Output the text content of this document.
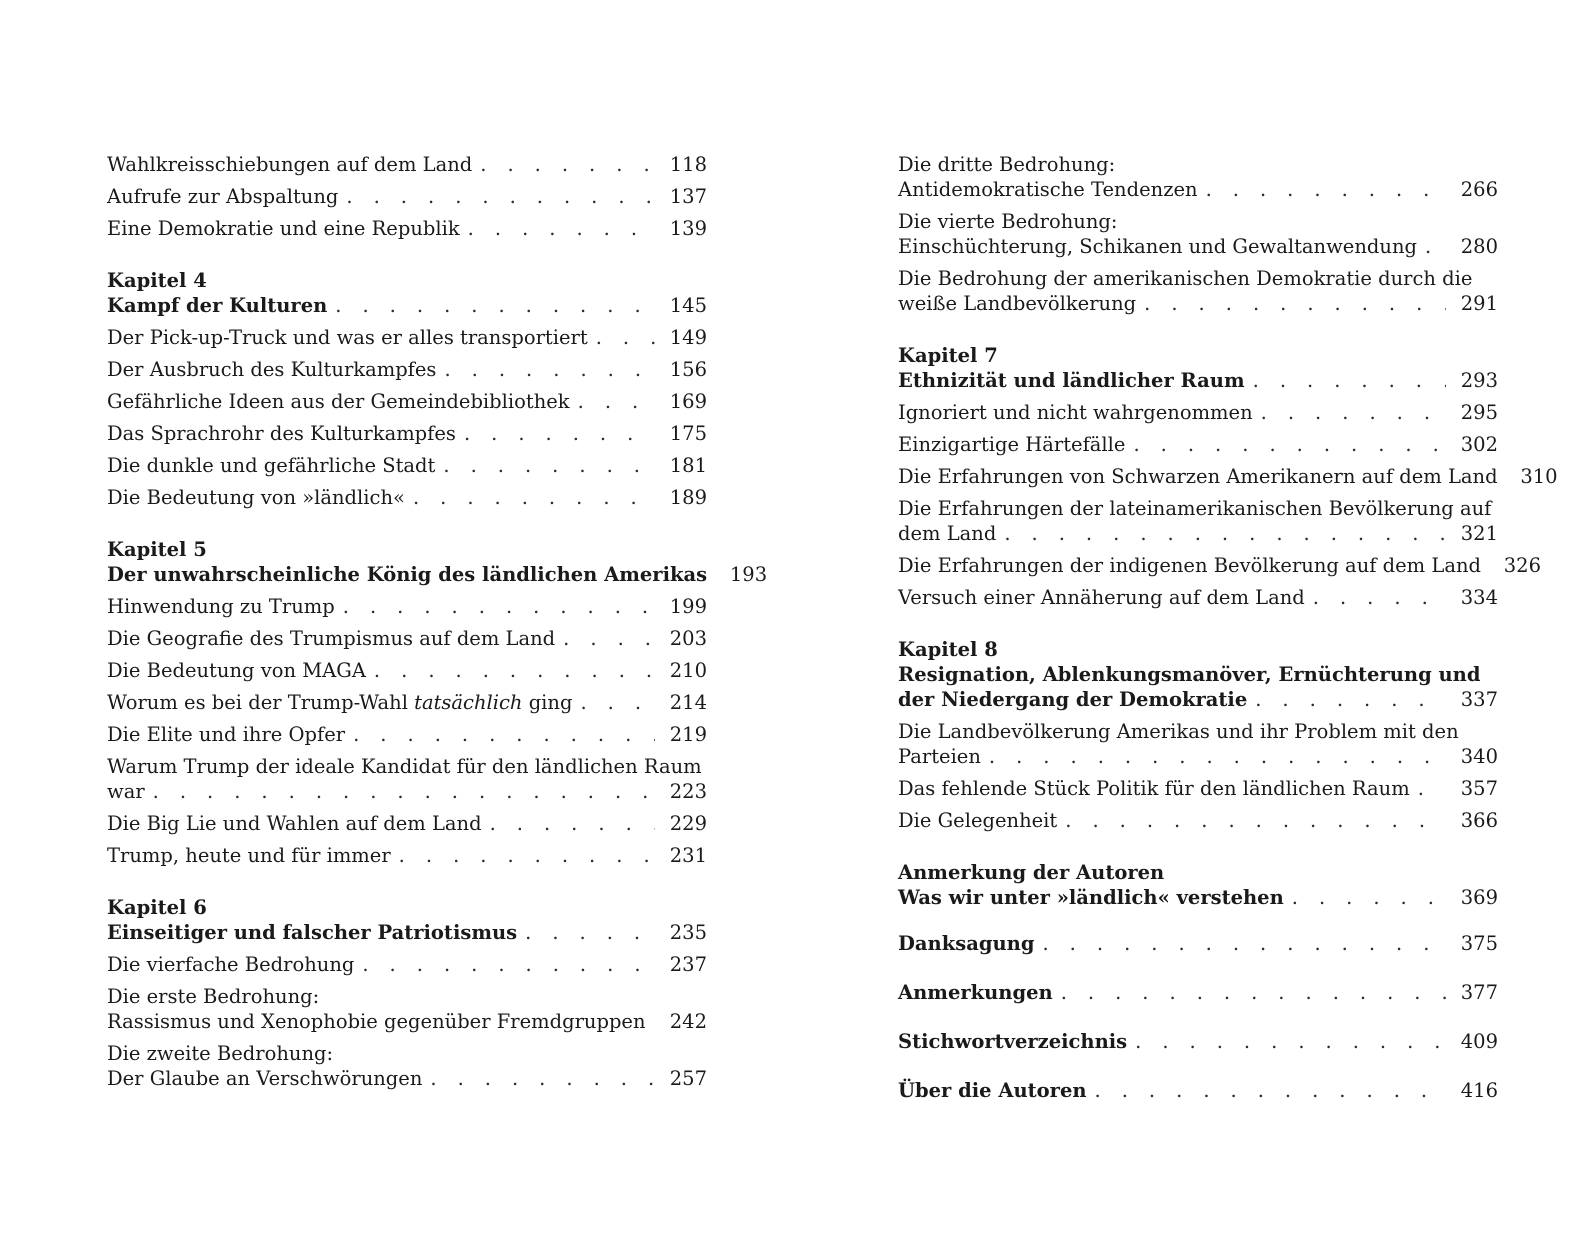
Wahlkreisschiebungen auf dem Land . . .	118
Aufrufe zur Abspaltung . . .	137
Eine Demokratie und eine Republik . . .	139
Kapitel 4
Kampf der Kulturen . . .	145
Der Pick-up-Truck und was er alles transportiert . . .	149
Der Ausbruch des Kulturkampfes . . .	156
Gefährliche Ideen aus der Gemeindebibliothek . . .	169
Das Sprachrohr des Kulturkampfes . . .	175
Die dunkle und gefährliche Stadt . . .	181
Die Bedeutung von »ländlich« . . .	189
Kapitel 5
Der unwahrscheinliche König des ländlichen Amerikas	193
Hinwendung zu Trump . . .	199
Die Geografie des Trumpismus auf dem Land . . .	203
Die Bedeutung von MAGA . . .	210
Worum es bei der Trump-Wahl tatsächlich ging . . .	214
Die Elite und ihre Opfer . . .	219
Warum Trump der ideale Kandidat für den ländlichen Raum
war . . .	223
Die Big Lie und Wahlen auf dem Land . . .	229
Trump, heute und für immer . . .	231
Kapitel 6
Einseitiger und falscher Patriotismus . . .	235
Die vierfache Bedrohung . . .	237
Die erste Bedrohung:
Rassismus und Xenophobie gegenüber Fremdgruppen . . .	242
Die zweite Bedrohung:
Der Glaube an Verschwörungen . . .	257
Die dritte Bedrohung:
Antidemokratische Tendenzen . . .	266
Die vierte Bedrohung:
Einschüchterung, Schikanen und Gewaltanwendung . . .	280
Die Bedrohung der amerikanischen Demokratie durch die
weiße Landbevölkerung . . .	291
Kapitel 7
Ethnizität und ländlicher Raum . . .	293
Ignoriert und nicht wahrgenommen . . .	295
Einzigartige Härtefälle . . .	302
Die Erfahrungen von Schwarzen Amerikanern auf dem Land	310
Die Erfahrungen der lateinamerikanischen Bevölkerung auf
dem Land . . .	321
Die Erfahrungen der indigenen Bevölkerung auf dem Land	326
Versuch einer Annäherung auf dem Land . . .	334
Kapitel 8
Resignation, Ablenkungsmanöver, Ernüchterung und
der Niedergang der Demokratie . . .	337
Die Landbevölkerung Amerikas und ihr Problem mit den
Parteien . . .	340
Das fehlende Stück Politik für den ländlichen Raum . . .	357
Die Gelegenheit . . .	366
Anmerkung der Autoren
Was wir unter »ländlich« verstehen . . .	369
Danksagung . . .	375
Anmerkungen . . .	377
Stichwortverzeichnis . . .	409
Über die Autoren . . .	416
